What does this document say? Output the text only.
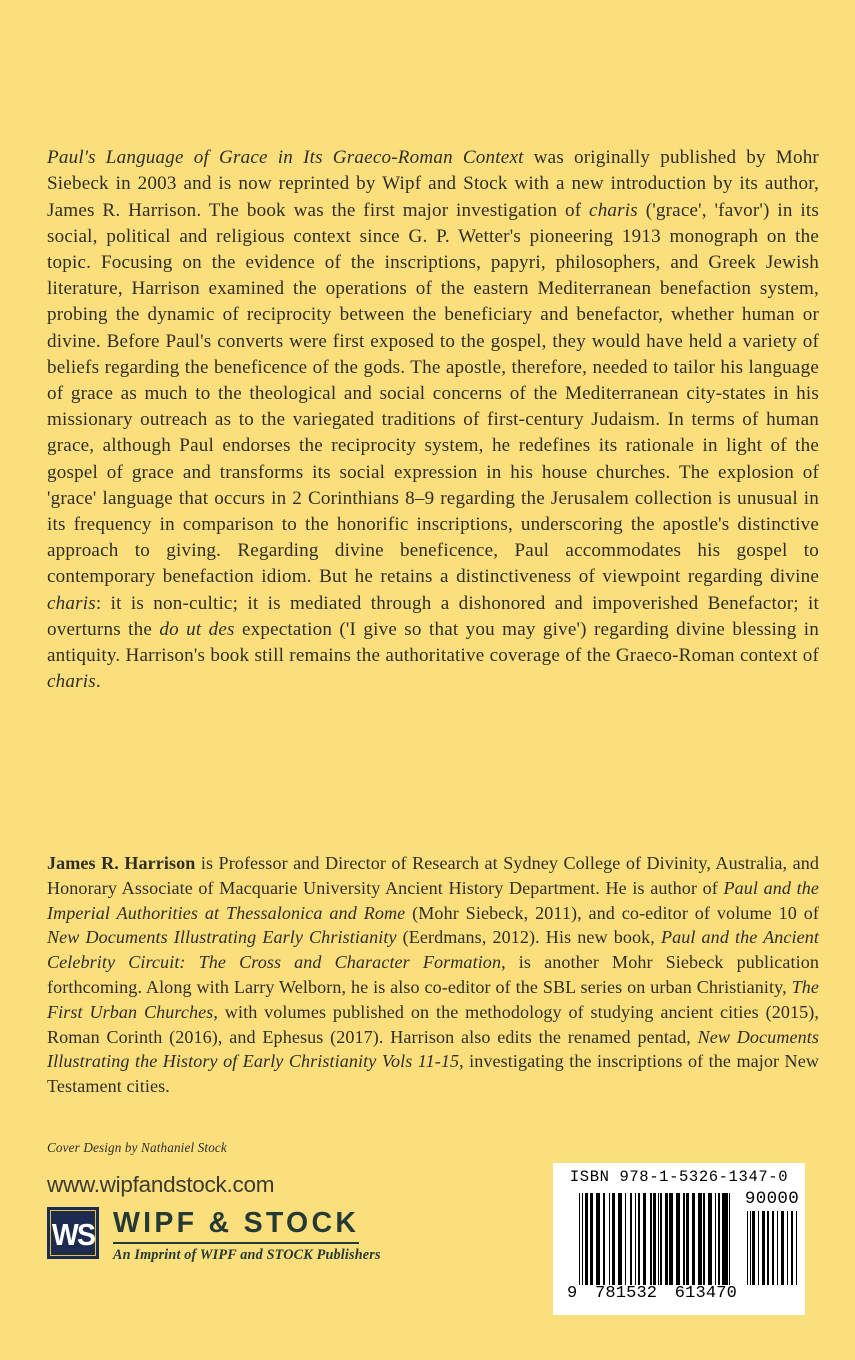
Paul's Language of Grace in Its Graeco-Roman Context was originally published by Mohr Siebeck in 2003 and is now reprinted by Wipf and Stock with a new introduction by its author, James R. Harrison. The book was the first major investigation of charis ('grace', 'favor') in its social, political and religious context since G. P. Wetter's pioneering 1913 monograph on the topic. Focusing on the evidence of the inscriptions, papyri, philosophers, and Greek Jewish literature, Harrison examined the operations of the eastern Mediterranean benefaction system, probing the dynamic of reciprocity between the beneficiary and benefactor, whether human or divine. Before Paul's converts were first exposed to the gospel, they would have held a variety of beliefs regarding the beneficence of the gods. The apostle, therefore, needed to tailor his language of grace as much to the theological and social concerns of the Mediterranean city-states in his missionary outreach as to the variegated traditions of first-century Judaism. In terms of human grace, although Paul endorses the reciprocity system, he redefines its rationale in light of the gospel of grace and transforms its social expression in his house churches. The explosion of 'grace' language that occurs in 2 Corinthians 8–9 regarding the Jerusalem collection is unusual in its frequency in comparison to the honorific inscriptions, underscoring the apostle's distinctive approach to giving. Regarding divine beneficence, Paul accommodates his gospel to contemporary benefaction idiom. But he retains a distinctiveness of viewpoint regarding divine charis: it is non-cultic; it is mediated through a dishonored and impoverished Benefactor; it overturns the do ut des expectation ('I give so that you may give') regarding divine blessing in antiquity. Harrison's book still remains the authoritative coverage of the Graeco-Roman context of charis.

James R. Harrison is Professor and Director of Research at Sydney College of Divinity, Australia, and Honorary Associate of Macquarie University Ancient History Department. He is author of Paul and the Imperial Authorities at Thessalonica and Rome (Mohr Siebeck, 2011), and co-editor of volume 10 of New Documents Illustrating Early Christianity (Eerdmans, 2012). His new book, Paul and the Ancient Celebrity Circuit: The Cross and Character Formation, is another Mohr Siebeck publication forthcoming. Along with Larry Welborn, he is also co-editor of the SBL series on urban Christianity, The First Urban Churches, with volumes published on the methodology of studying ancient cities (2015), Roman Corinth (2016), and Ephesus (2017). Harrison also edits the renamed pentad, New Documents Illustrating the History of Early Christianity Vols 11-15, investigating the inscriptions of the major New Testament cities.

Cover Design by Nathaniel Stock
www.wipfandstock.com
WS WIPF & STOCK
An Imprint of WIPF and STOCK Publishers
ISBN 978-1-5326-1347-0
90000
9 781532 613470
